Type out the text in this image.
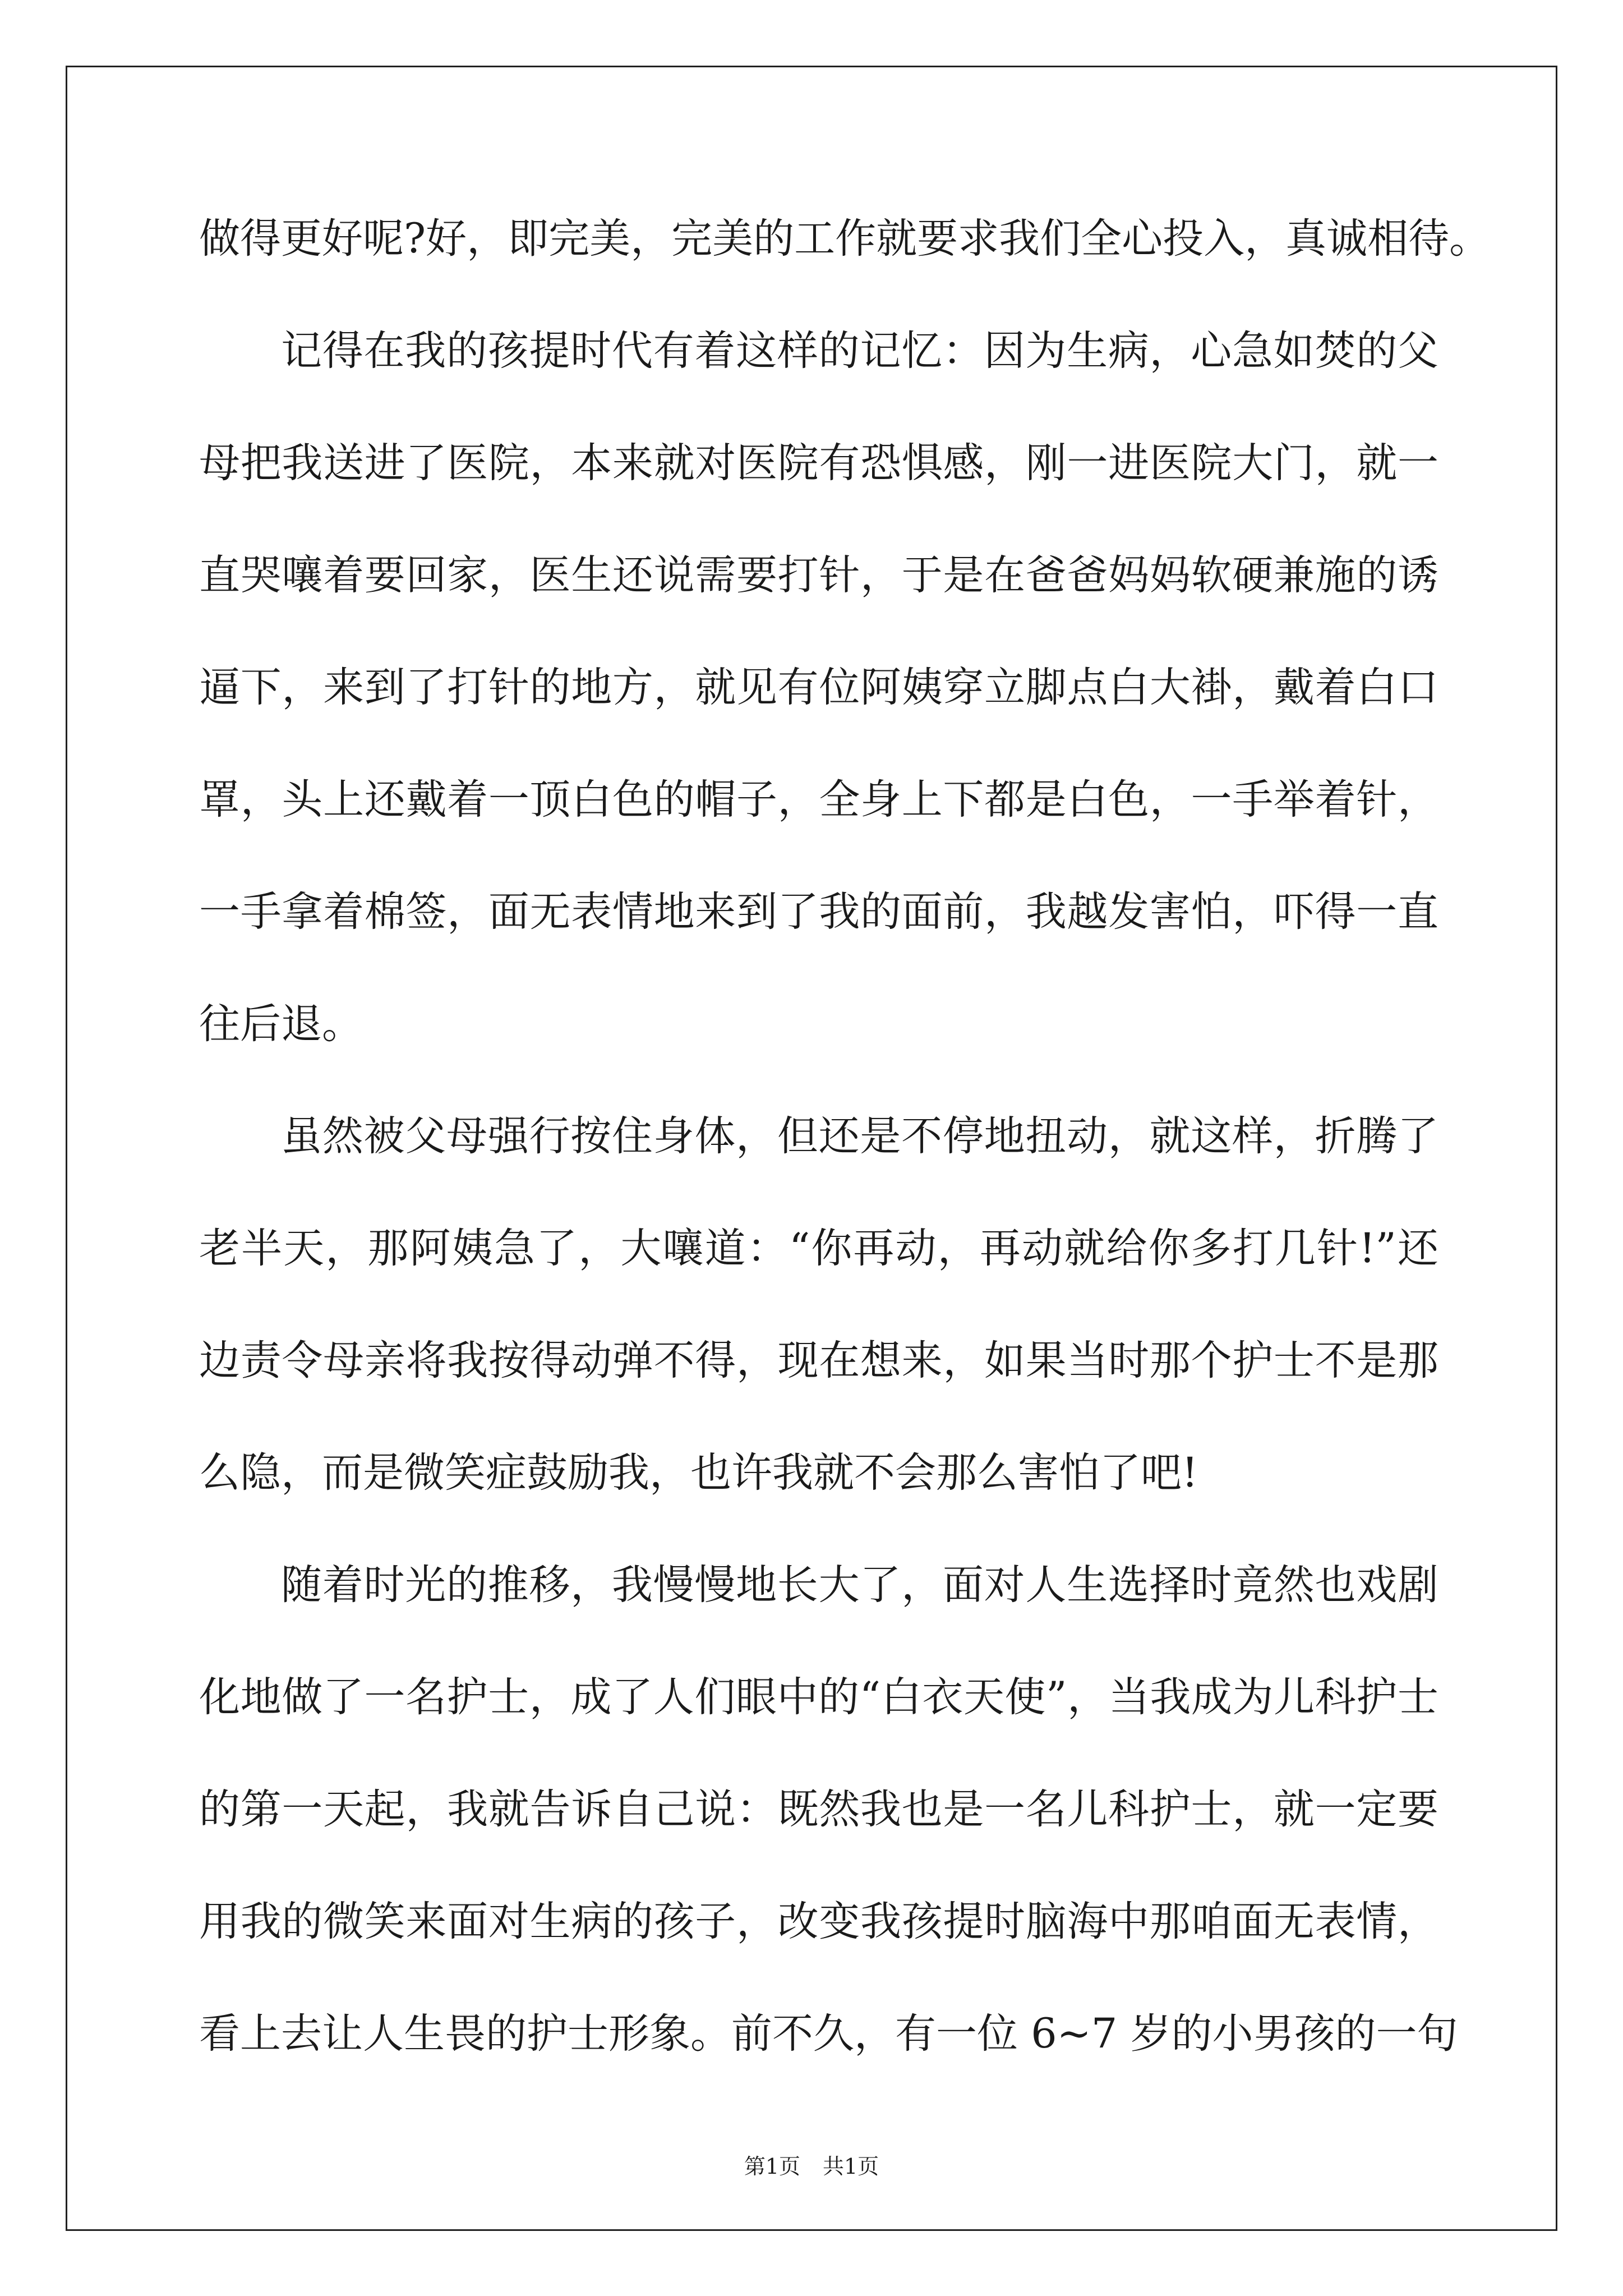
做得更好呢?好，即完美，完美的工作就要求我们全心投入，真诚相待。
记得在我的孩提时代有着这样的记忆：因为生病，心急如焚的父
母把我送进了医院，本来就对医院有恐惧感，刚一进医院大门，就一
直哭嚷着要回家，医生还说需要打针，于是在爸爸妈妈软硬兼施的诱
逼下，来到了打针的地方，就见有位阿姨穿立脚点白大褂，戴着白口
罩，头上还戴着一顶白色的帽子，全身上下都是白色，一手举着针，
一手拿着棉签，面无表情地来到了我的面前，我越发害怕，吓得一直
往后退。
虽然被父母强行按住身体，但还是不停地扭动，就这样，折腾了
老半天，那阿姨急了，大嚷道：“你再动，再动就给你多打几针!”还
边责令母亲将我按得动弹不得，现在想来，如果当时那个护士不是那
么隐，而是微笑症鼓励我，也许我就不会那么害怕了吧!
随着时光的推移，我慢慢地长大了，面对人生选择时竟然也戏剧
化地做了一名护士，成了人们眼中的“白衣天使”，当我成为儿科护士
的第一天起，我就告诉自己说：既然我也是一名儿科护士，就一定要
用我的微笑来面对生病的孩子，改变我孩提时脑海中那咱面无表情，
看上去让人生畏的护士形象。前不久，有一位 6~7 岁的小男孩的一句
第1页 共1页
